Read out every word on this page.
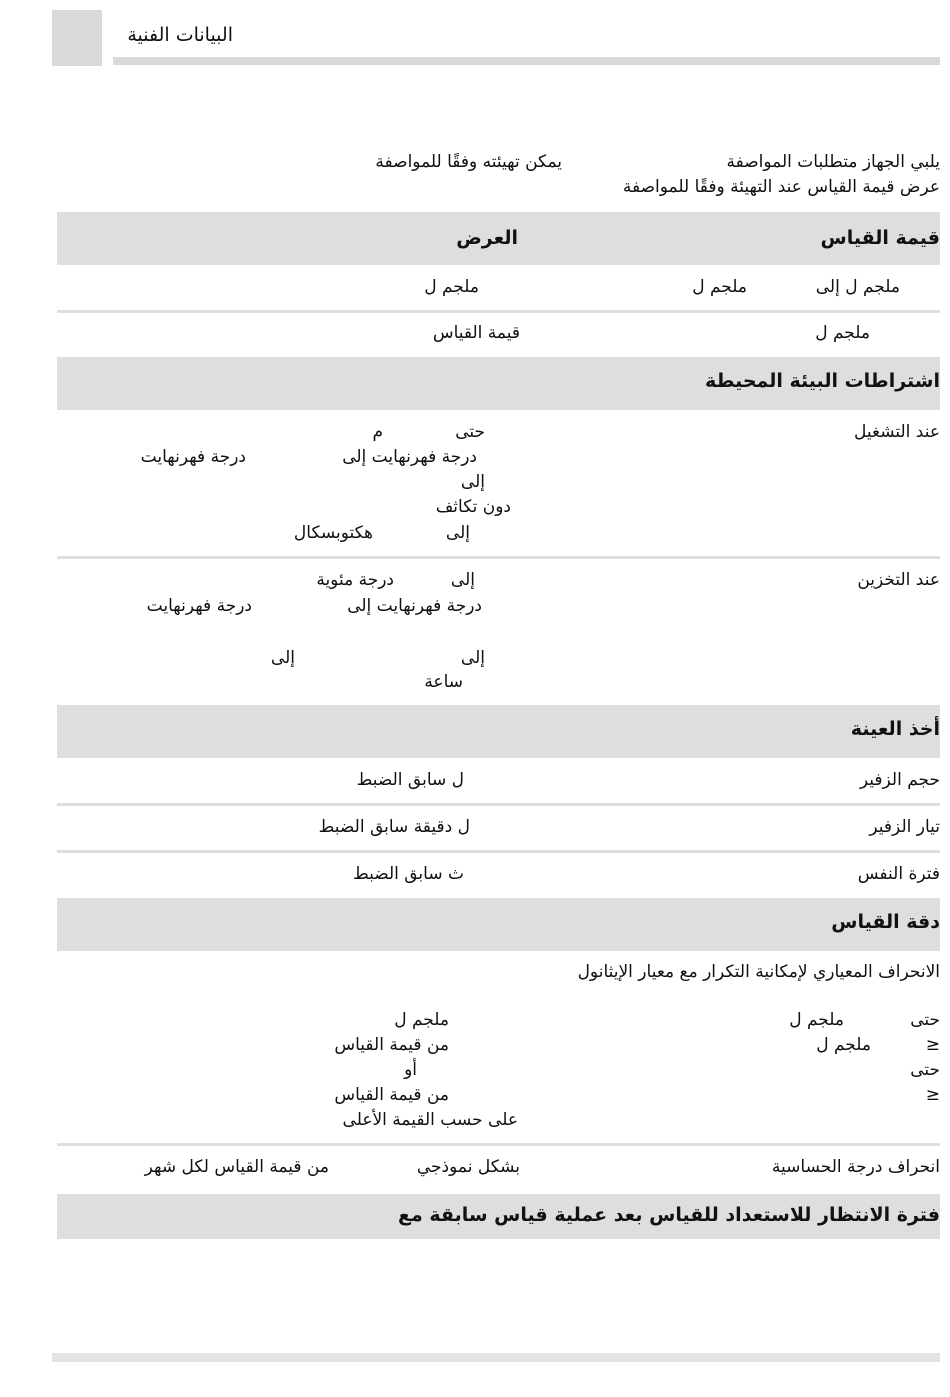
البيانات الفنية
يلبي الجهاز متطلبات المواصفة
يمكن تهيئته وفقًا للمواصفة
عرض قيمة القياس عند التهيئة وفقًا للمواصفة
قيمة القياس
العرض
ملجم ل إلى
ملجم ل
ملجم ل
ملجم ل
قيمة القياس
اشتراطات البيئة المحيطة
عند التشغيل
حتى
م
درجة فهرنهايت إلى
درجة فهرنهايت
إلى
دون تكاثف
إلى
هكتوبسكال
عند التخزين
إلى
درجة مئوية
درجة فهرنهايت إلى
درجة فهرنهايت
إلى
إلى
ساعة
أخذ العينة
حجم الزفير
ل سابق الضبط
تيار الزفير
ل دقيقة سابق الضبط
فترة النفس
ث سابق الضبط
دقة القياس
الانحراف المعياري لإمكانية التكرار مع معيار الإيثانول
حتى
ملجم ل
≤
ملجم ل
حتى
≤
ملجم ل
من قيمة القياس
أو
من قيمة القياس
على حسب القيمة الأعلى
انحراف درجة الحساسية
بشكل نموذجي
من قيمة القياس لكل شهر
فترة الانتظار للاستعداد للقياس بعد عملية قياس سابقة مع
